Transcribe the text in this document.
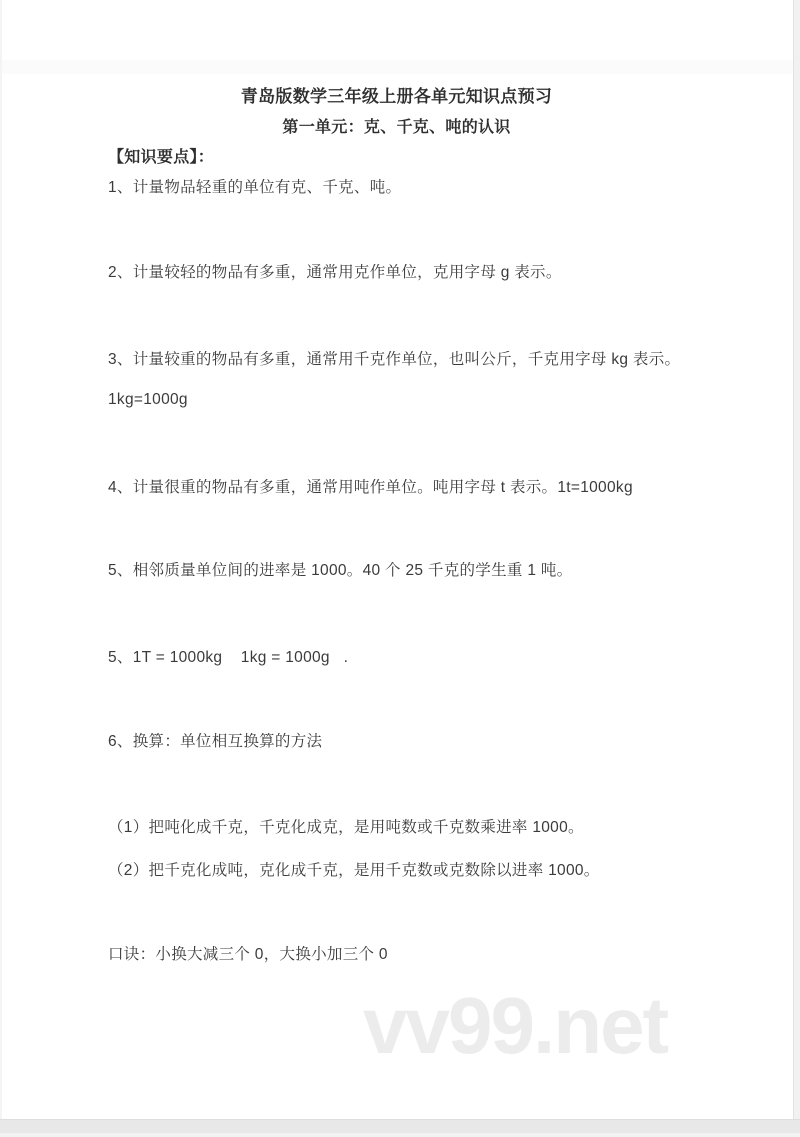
青岛版数学三年级上册各单元知识点预习
第一单元：克、千克、吨的认识
【知识要点】：
1、计量物品轻重的单位有克、千克、吨。
2、计量较轻的物品有多重，通常用克作单位，克用字母 g 表示。
3、计量较重的物品有多重，通常用千克作单位，也叫公斤，千克用字母 kg 表示。
1kg=1000g
4、计量很重的物品有多重，通常用吨作单位。吨用字母 t 表示。1t=1000kg
5、相邻质量单位间的进率是 1000。40 个 25 千克的学生重 1 吨。
5、1T = 1000kg    1kg = 1000g   .
6、换算：单位相互换算的方法
（1）把吨化成千克，千克化成克，是用吨数或千克数乘进率 1000。
（2）把千克化成吨，克化成千克，是用千克数或克数除以进率 1000。
口诀：小换大减三个 0，大换小加三个 0
vv99.net
